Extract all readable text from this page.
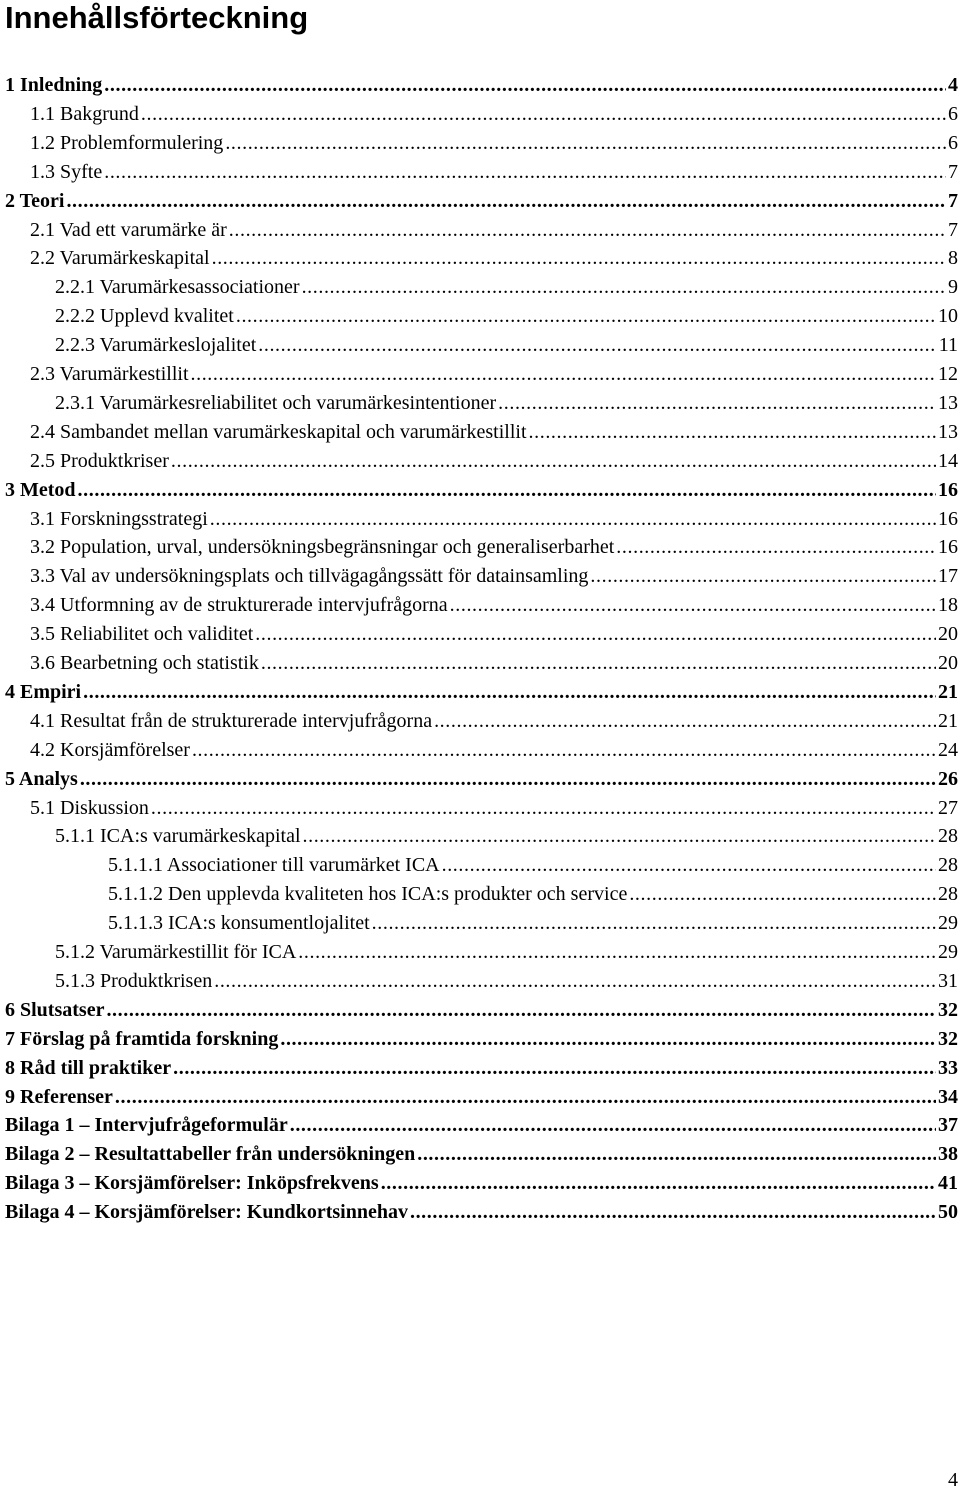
Innehållsförteckning
1 Inledning .....	4
1.1 Bakgrund .....	6
1.2 Problemformulering .....	6
1.3 Syfte .....	7
2 Teori .....	7
2.1 Vad ett varumärke är .....	7
2.2 Varumärkeskapital .....	8
2.2.1 Varumärkesassociationer .....	9
2.2.2 Upplevd kvalitet .....	10
2.2.3 Varumärkeslojalitet .....	11
2.3 Varumärkestillit .....	12
2.3.1 Varumärkesreliabilitet och varumärkesintentioner .....	13
2.4 Sambandet mellan varumärkeskapital och varumärkestillit .....	13
2.5 Produktkriser .....	14
3 Metod .....	16
3.1 Forskningsstrategi .....	16
3.2 Population, urval, undersökningsbegränsningar och generaliserbarhet .....	16
3.3 Val av undersökningsplats och tillvägagångssätt för datainsamling .....	17
3.4 Utformning av de strukturerade intervjufrågorna .....	18
3.5 Reliabilitet och validitet .....	20
3.6 Bearbetning och statistik .....	20
4 Empiri .....	21
4.1 Resultat från de strukturerade intervjufrågorna .....	21
4.2 Korsjämförelser .....	24
5 Analys .....	26
5.1 Diskussion .....	27
5.1.1 ICA:s varumärkeskapital .....	28
5.1.1.1 Associationer till varumärket ICA .....	28
5.1.1.2 Den upplevda kvaliteten hos ICA:s produkter och service .....	28
5.1.1.3 ICA:s konsumentlojalitet .....	29
5.1.2 Varumärkestillit för ICA .....	29
5.1.3 Produktkrisen .....	31
6 Slutsatser .....	32
7 Förslag på framtida forskning .....	32
8 Råd till praktiker .....	33
9 Referenser .....	34
Bilaga 1 – Intervjufrågeformulär .....	37
Bilaga 2 – Resultattabeller från undersökningen .....	38
Bilaga 3 – Korsjämförelser: Inköpsfrekvens .....	41
Bilaga 4 – Korsjämförelser: Kundkortsinnehav .....	50
4
